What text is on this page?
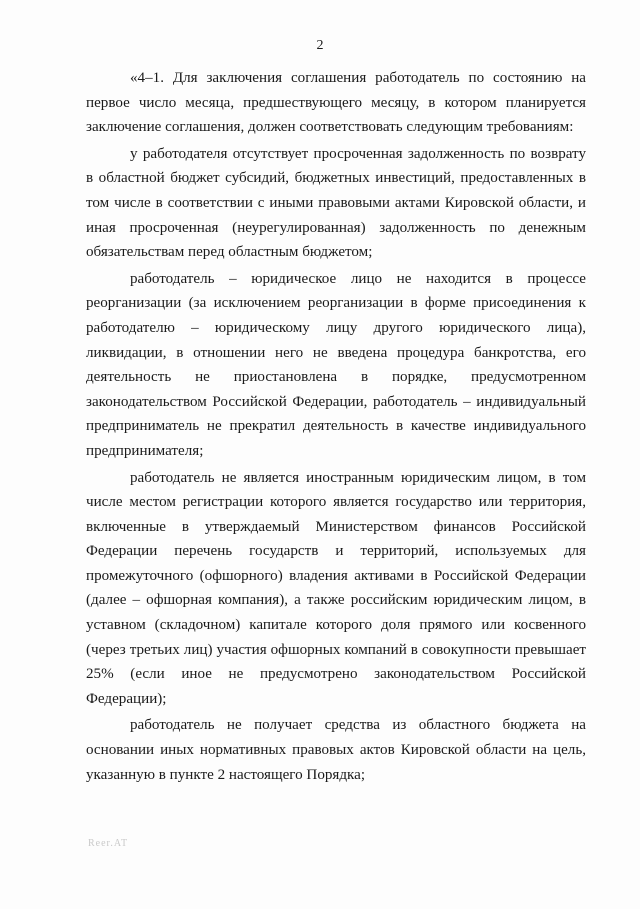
2

«4–1. Для заключения соглашения работодатель по состоянию на первое число месяца, предшествующего месяцу, в котором планируется заключение соглашения, должен соответствовать следующим требованиям:

у работодателя отсутствует просроченная задолженность по возврату в областной бюджет субсидий, бюджетных инвестиций, предоставленных в том числе в соответствии с иными правовыми актами Кировской области, и иная просроченная (неурегулированная) задолженность по денежным обязательствам перед областным бюджетом;

работодатель – юридическое лицо не находится в процессе реорганизации (за исключением реорганизации в форме присоединения к работодателю – юридическому лицу другого юридического лица), ликвидации, в отношении него не введена процедура банкротства, его деятельность не приостановлена в порядке, предусмотренном законодательством Российской Федерации, работодатель – индивидуальный предприниматель не прекратил деятельность в качестве индивидуального предпринимателя;

работодатель не является иностранным юридическим лицом, в том числе местом регистрации которого является государство или территория, включенные в утверждаемый Министерством финансов Российской Федерации перечень государств и территорий, используемых для промежуточного (офшорного) владения активами в Российской Федерации (далее – офшорная компания), а также российским юридическим лицом, в уставном (складочном) капитале которого доля прямого или косвенного (через третьих лиц) участия офшорных компаний в совокупности превышает 25% (если иное не предусмотрено законодательством Российской Федерации);

работодатель не получает средства из областного бюджета на основании иных нормативных правовых актов Кировской области на цель, указанную в пункте 2 настоящего Порядка;

Reer.AT
